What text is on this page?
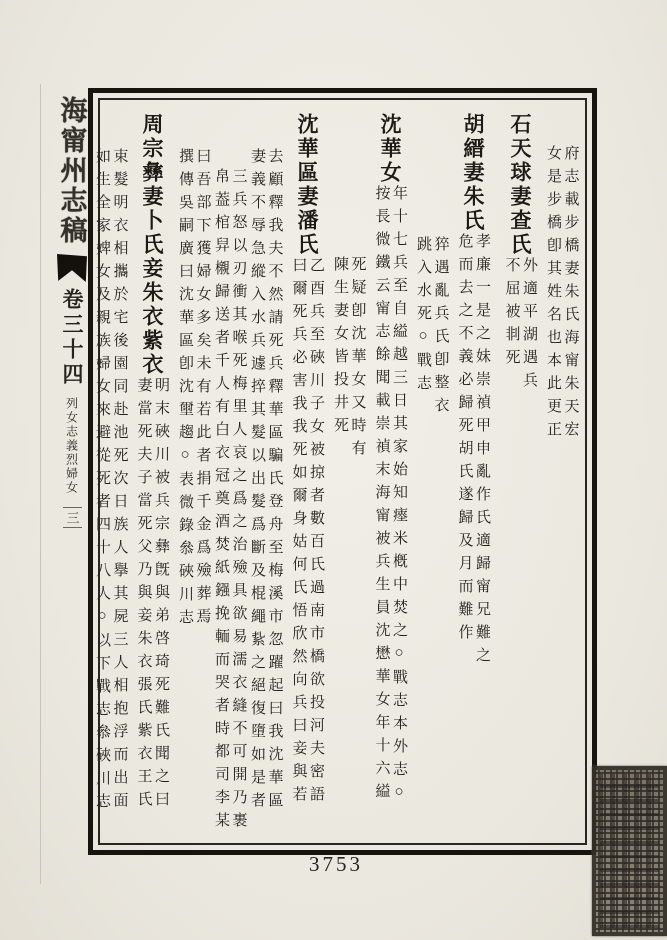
海甯州志稿
卷三十四
列女志義烈婦女
三
府志載步橋妻朱氏海甯朱天宏
女是步橋卽其姓名也本此更正
石天球妻查氏
外適平湖遇兵
不屈被剕死
胡縉妻朱氏
孝廉一是之妹崇禎甲申亂作氏適歸甯兄難之
危而去之不義必歸死胡氏遂歸及月而難作
猝遇亂兵氏卽整衣
跳入水死○戰志
沈華女
年十七兵至自縊越三日其家始知瘞米槪中焚之○戰志本外志○
按長微鐵云甯志餘聞載崇禎末海甯被兵生員沈懋華女年十六縊
死疑卽沈華女又時有
陳生妻女皆投井死
沈華區妻潘氏
乙酉兵至硤川子女被掠者數百氏過南市橋欲投河夫密語
曰爾死兵必害我我死如爾身姑何氏悟欣然向兵曰妾與若
去顧釋我夫不然請死兵釋華區騙氏登舟至梅溪市忽躍起曰我沈華區
妻義不辱急縱入水兵遽捽其髮以出髮爲斷及棍繩紥之絕復墮如是者
三兵怒以刃衝其喉死梅里人哀之爲之治殮具欲易濡衣縫不可開乃裹
帛葢棺舁櫬歸送者千人有白衣冠奠酒焚紙鏹挽輀而哭者時都司李某
曰吾部下獲婦女多矣未有若此者捐千金爲殮葬焉
撰傳吳嗣廣曰沈華區卽沈壐趨○表微錄叅硤川志
周宗彝妻卜氏妾朱衣紫衣
明末硤川被兵宗彝旣與弟啓琦死難氏聞之曰
妻當死夫子當死父乃與妾朱衣張氏紫衣王氏
束髮明衣相攜於宅後園同赴池死次日族人擧其屍三人相抱浮而出面
如生全家婢女及親族婦女來避從死者四十八人○以下戰志叅硤川志
3753
